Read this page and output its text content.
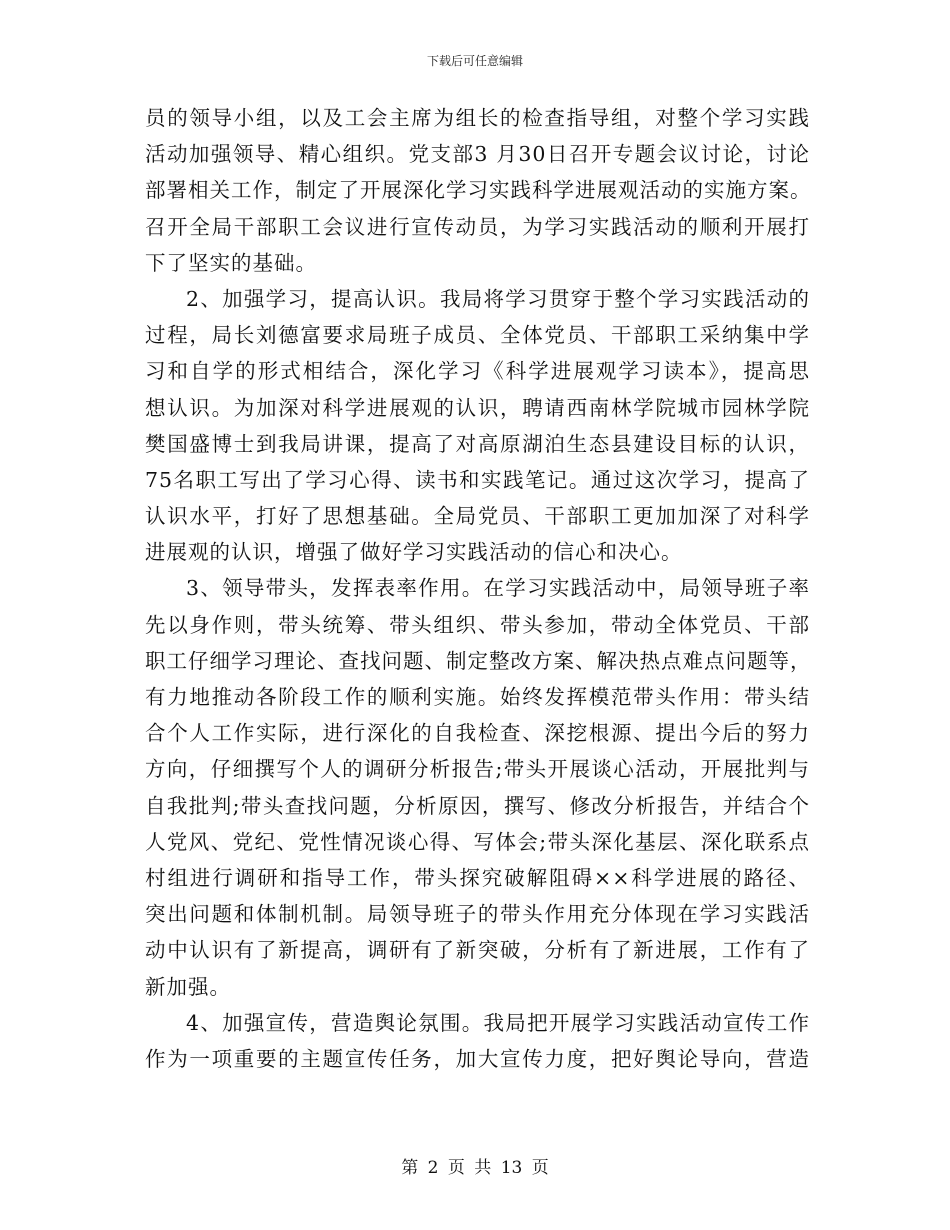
下载后可任意编辑
员的领导小组，以及工会主席为组长的检查指导组，对整个学习实践
活动加强领导、精心组织。党支部3 月30日召开专题会议讨论，讨论
部署相关工作，制定了开展深化学习实践科学进展观活动的实施方案。
召开全局干部职工会议进行宣传动员，为学习实践活动的顺利开展打
下了坚实的基础。
2、加强学习，提高认识。我局将学习贯穿于整个学习实践活动的
过程，局长刘德富要求局班子成员、全体党员、干部职工采纳集中学
习和自学的形式相结合，深化学习《科学进展观学习读本》，提高思
想认识。为加深对科学进展观的认识，聘请西南林学院城市园林学院
樊国盛博士到我局讲课，提高了对高原湖泊生态县建设目标的认识，
75名职工写出了学习心得、读书和实践笔记。通过这次学习，提高了
认识水平，打好了思想基础。全局党员、干部职工更加加深了对科学
进展观的认识，增强了做好学习实践活动的信心和决心。
3、领导带头，发挥表率作用。在学习实践活动中，局领导班子率
先以身作则，带头统筹、带头组织、带头参加，带动全体党员、干部
职工仔细学习理论、查找问题、制定整改方案、解决热点难点问题等，
有力地推动各阶段工作的顺利实施。始终发挥模范带头作用：带头结
合个人工作实际，进行深化的自我检查、深挖根源、提出今后的努力
方向，仔细撰写个人的调研分析报告;带头开展谈心活动，开展批判与
自我批判;带头查找问题，分析原因，撰写、修改分析报告，并结合个
人党风、党纪、党性情况谈心得、写体会;带头深化基层、深化联系点
村组进行调研和指导工作，带头探究破解阻碍××科学进展的路径、
突出问题和体制机制。局领导班子的带头作用充分体现在学习实践活
动中认识有了新提高，调研有了新突破，分析有了新进展，工作有了
新加强。
4、加强宣传，营造舆论氛围。我局把开展学习实践活动宣传工作
作为一项重要的主题宣传任务，加大宣传力度，把好舆论导向，营造
第 2 页 共 13 页
